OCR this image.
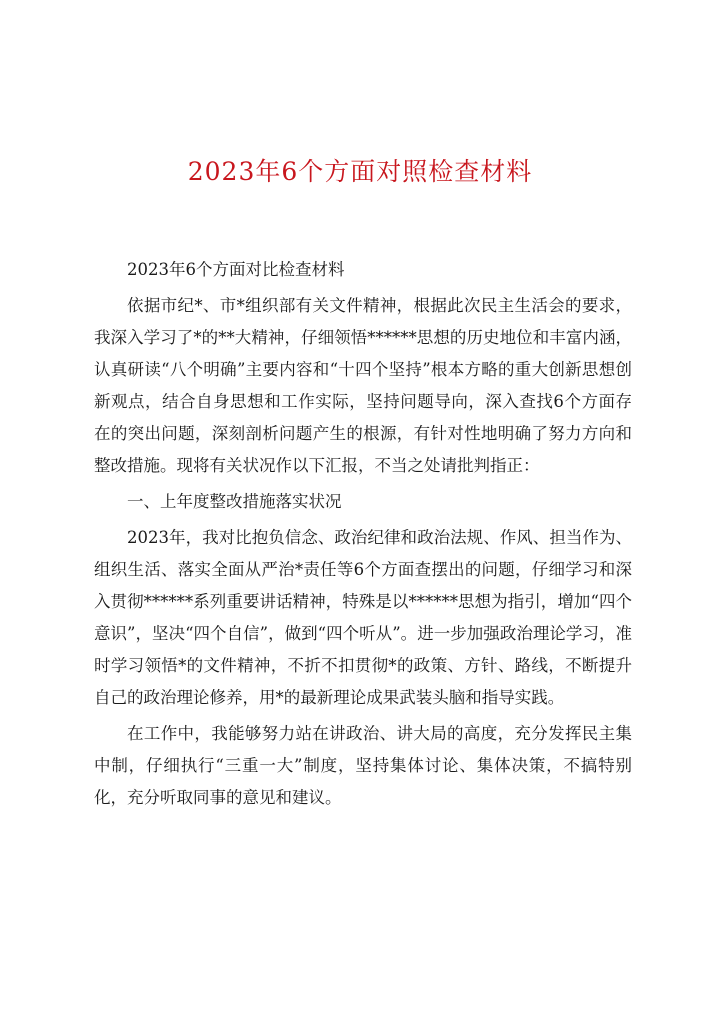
2023年6个方面对照检查材料

2023年6个方面对比检查材料

依据市纪*、市*组织部有关文件精神，根据此次民主生活会的要求，我深入学习了*的**大精神，仔细领悟******思想的历史地位和丰富内涵，认真研读“八个明确”主要内容和“十四个坚持”根本方略的重大创新思想创新观点，结合自身思想和工作实际，坚持问题导向，深入查找6个方面存在的突出问题，深刻剖析问题产生的根源，有针对性地明确了努力方向和整改措施。现将有关状况作以下汇报，不当之处请批判指正：

一、上年度整改措施落实状况

2023年，我对比抱负信念、政治纪律和政治法规、作风、担当作为、组织生活、落实全面从严治*责任等6个方面查摆出的问题，仔细学习和深入贯彻******系列重要讲话精神，特殊是以******思想为指引，增加“四个意识”，坚决“四个自信”，做到“四个听从”。进一步加强政治理论学习，准时学习领悟*的文件精神，不折不扣贯彻*的政策、方针、路线，不断提升自己的政治理论修养，用*的最新理论成果武装头脑和指导实践。

在工作中，我能够努力站在讲政治、讲大局的高度，充分发挥民主集中制，仔细执行“三重一大”制度，坚持集体讨论、集体决策，不搞特别化，充分听取同事的意见和建议。
